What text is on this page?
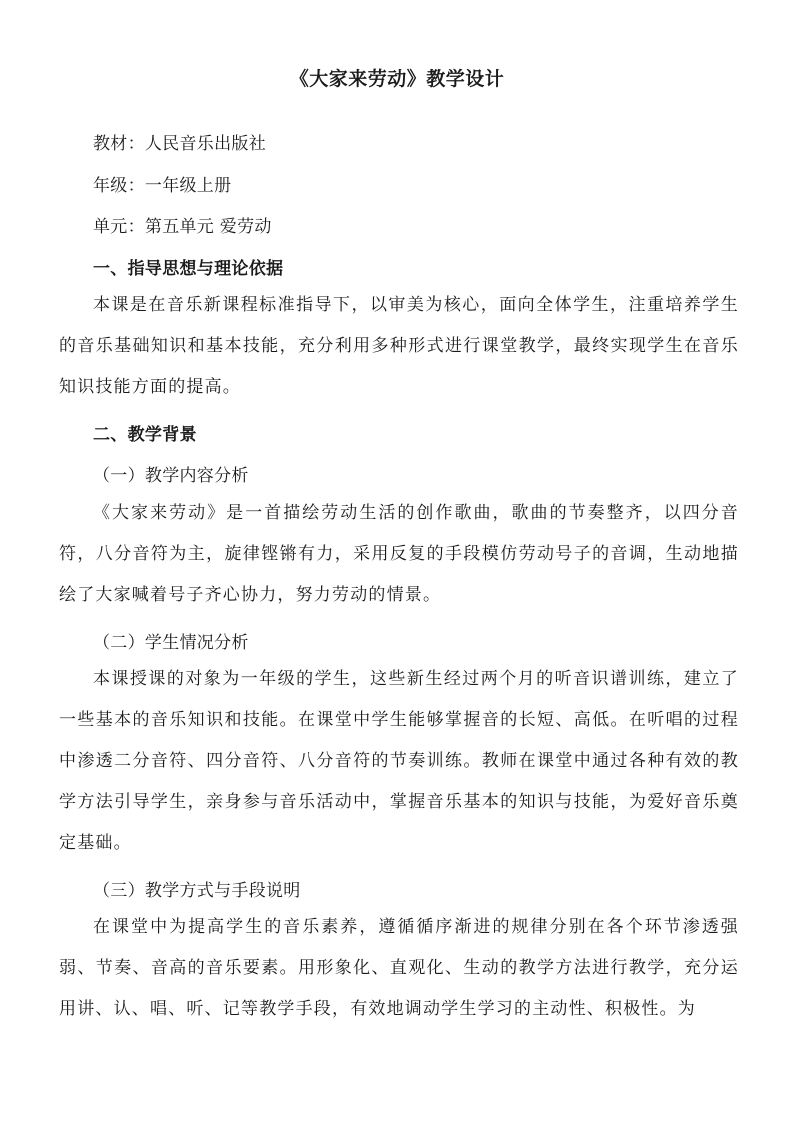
《大家来劳动》教学设计
教材：人民音乐出版社
年级：一年级上册
单元：第五单元 爱劳动
一、指导思想与理论依据
本课是在音乐新课程标准指导下，以审美为核心，面向全体学生，注重培养学生的音乐基础知识和基本技能，充分利用多种形式进行课堂教学，最终实现学生在音乐知识技能方面的提高。
二、教学背景
（一）教学内容分析
《大家来劳动》是一首描绘劳动生活的创作歌曲，歌曲的节奏整齐，以四分音符，八分音符为主，旋律铿锵有力，采用反复的手段模仿劳动号子的音调，生动地描绘了大家喊着号子齐心协力，努力劳动的情景。
（二）学生情况分析
本课授课的对象为一年级的学生，这些新生经过两个月的听音识谱训练，建立了一些基本的音乐知识和技能。在课堂中学生能够掌握音的长短、高低。在听唱的过程中渗透二分音符、四分音符、八分音符的节奏训练。教师在课堂中通过各种有效的教学方法引导学生，亲身参与音乐活动中，掌握音乐基本的知识与技能，为爱好音乐奠定基础。
（三）教学方式与手段说明
在课堂中为提高学生的音乐素养，遵循循序渐进的规律分别在各个环节渗透强弱、节奏、音高的音乐要素。用形象化、直观化、生动的教学方法进行教学，充分运用讲、认、唱、听、记等教学手段，有效地调动学生学习的主动性、积极性。为
